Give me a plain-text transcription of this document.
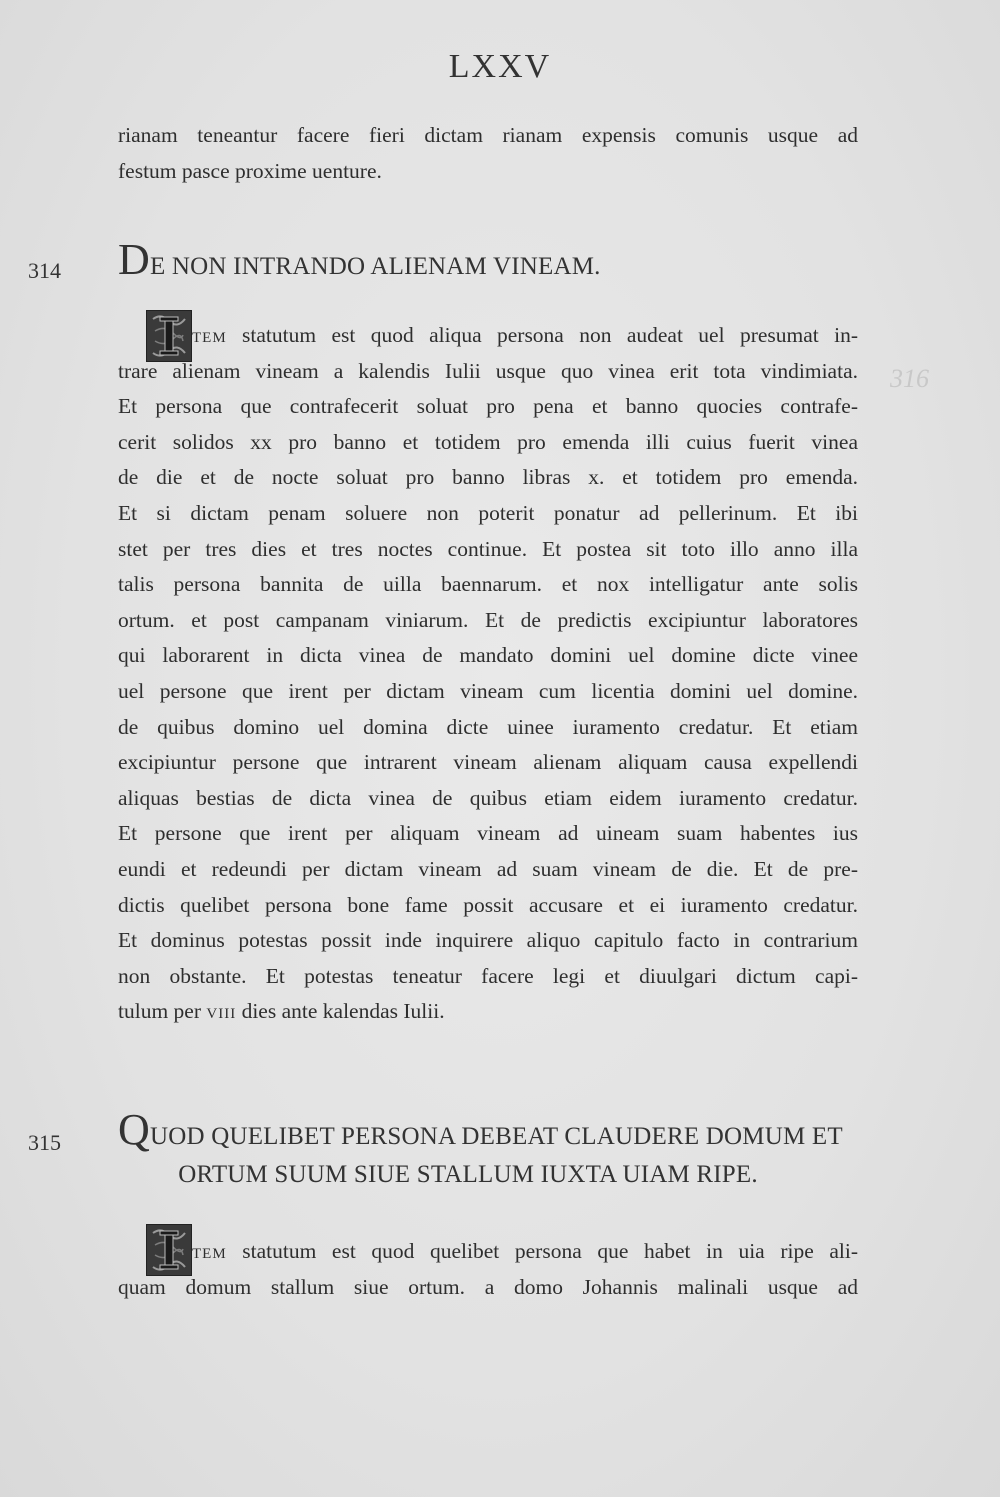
LXXV
316
rianam teneantur facere fieri dictam rianam expensis comunis usque ad
festum pasce proxime uenture.
314 DE NON INTRANDO ALIENAM VINEAM.
TEM statutum est quod aliqua persona non audeat uel presumat in-
trare alienam vineam a kalendis Iulii usque quo vinea erit tota vindimiata.
Et persona que contrafecerit soluat pro pena et banno quocies contrafe-
cerit solidos xx pro banno et totidem pro emenda illi cuius fuerit vinea
de die et de nocte soluat pro banno libras x. et totidem pro emenda.
Et si dictam penam soluere non poterit ponatur ad pellerinum. Et ibi
stet per tres dies et tres noctes continue. Et postea sit toto illo anno illa
talis persona bannita de uilla baennarum. et nox intelligatur ante solis
ortum. et post campanam viniarum. Et de predictis excipiuntur laboratores
qui laborarent in dicta vinea de mandato domini uel domine dicte vinee
uel persone que irent per dictam vineam cum licentia domini uel domine.
de quibus domino uel domina dicte uinee iuramento credatur. Et etiam
excipiuntur persone que intrarent vineam alienam aliquam causa expellendi
aliquas bestias de dicta vinea de quibus etiam eidem iuramento credatur.
Et persone que irent per aliquam vineam ad uineam suam habentes ius
eundi et redeundi per dictam vineam ad suam vineam de die. Et de pre-
dictis quelibet persona bone fame possit accusare et ei iuramento credatur.
Et dominus potestas possit inde inquirere aliquo capitulo facto in contrarium
non obstante. Et potestas teneatur facere legi et diuulgari dictum capi-
tulum per VIII dies ante kalendas Iulii.
315 QUOD QUELIBET PERSONA DEBEAT CLAUDERE DOMUM ET
ORTUM SUUM SIUE STALLUM IUXTA UIAM RIPE.
TEM statutum est quod quelibet persona que habet in uia ripe ali-
quam domum stallum siue ortum. a domo Johannis malinali usque ad
